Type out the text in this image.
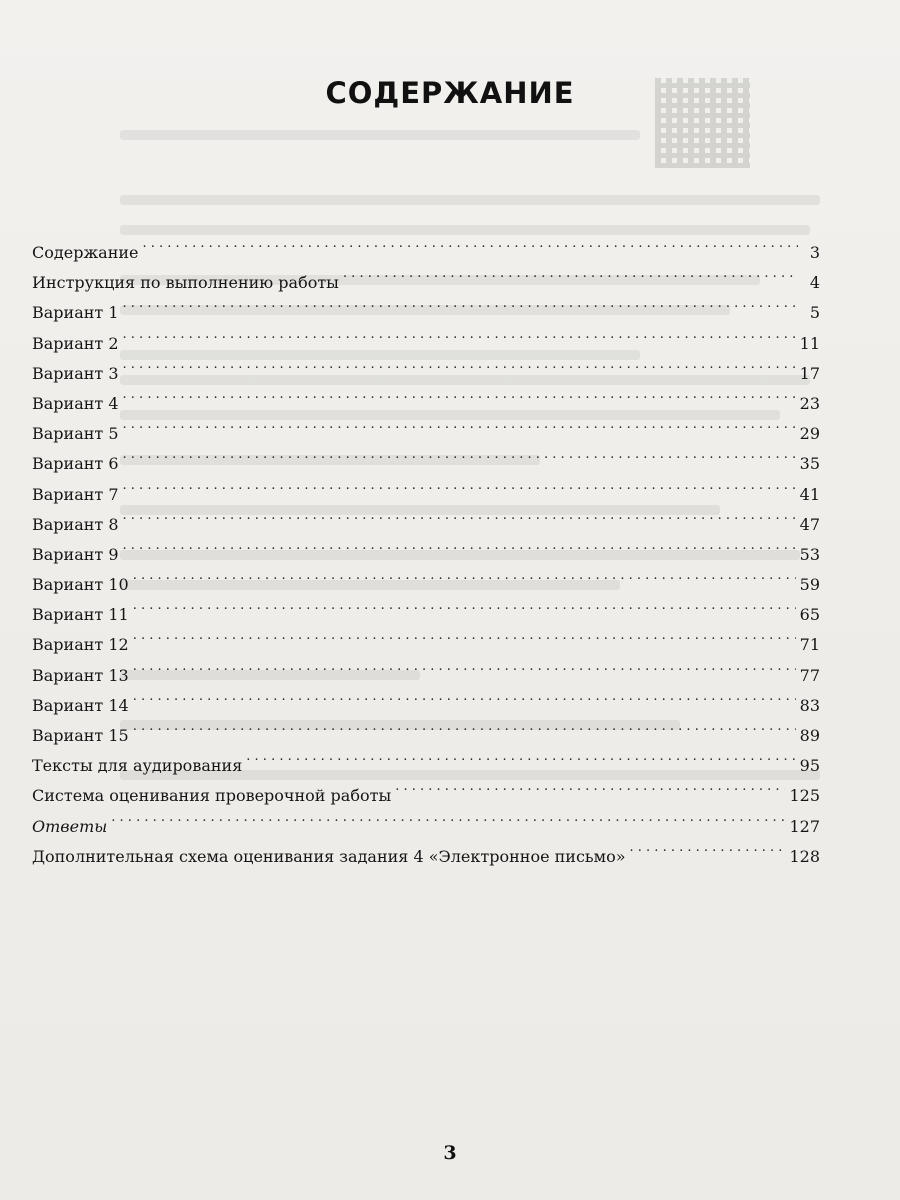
СОДЕРЖАНИЕ
Содержание . . .	3
Инструкция по выполнению работы . . .	4
Вариант 1 . . .	5
Вариант 2 . . .	11
Вариант 3 . . .	17
Вариант 4 . . .	23
Вариант 5 . . .	29
Вариант 6 . . .	35
Вариант 7 . . .	41
Вариант 8 . . .	47
Вариант 9 . . .	53
Вариант 10 . . .	59
Вариант 11 . . .	65
Вариант 12 . . .	71
Вариант 13 . . .	77
Вариант 14 . . .	83
Вариант 15 . . .	89
Тексты для аудирования . . .	95
Система оценивания проверочной работы . . .	125
Ответы . . .	127
Дополнительная схема оценивания задания 4 «Электронное письмо» . . .	128
3
